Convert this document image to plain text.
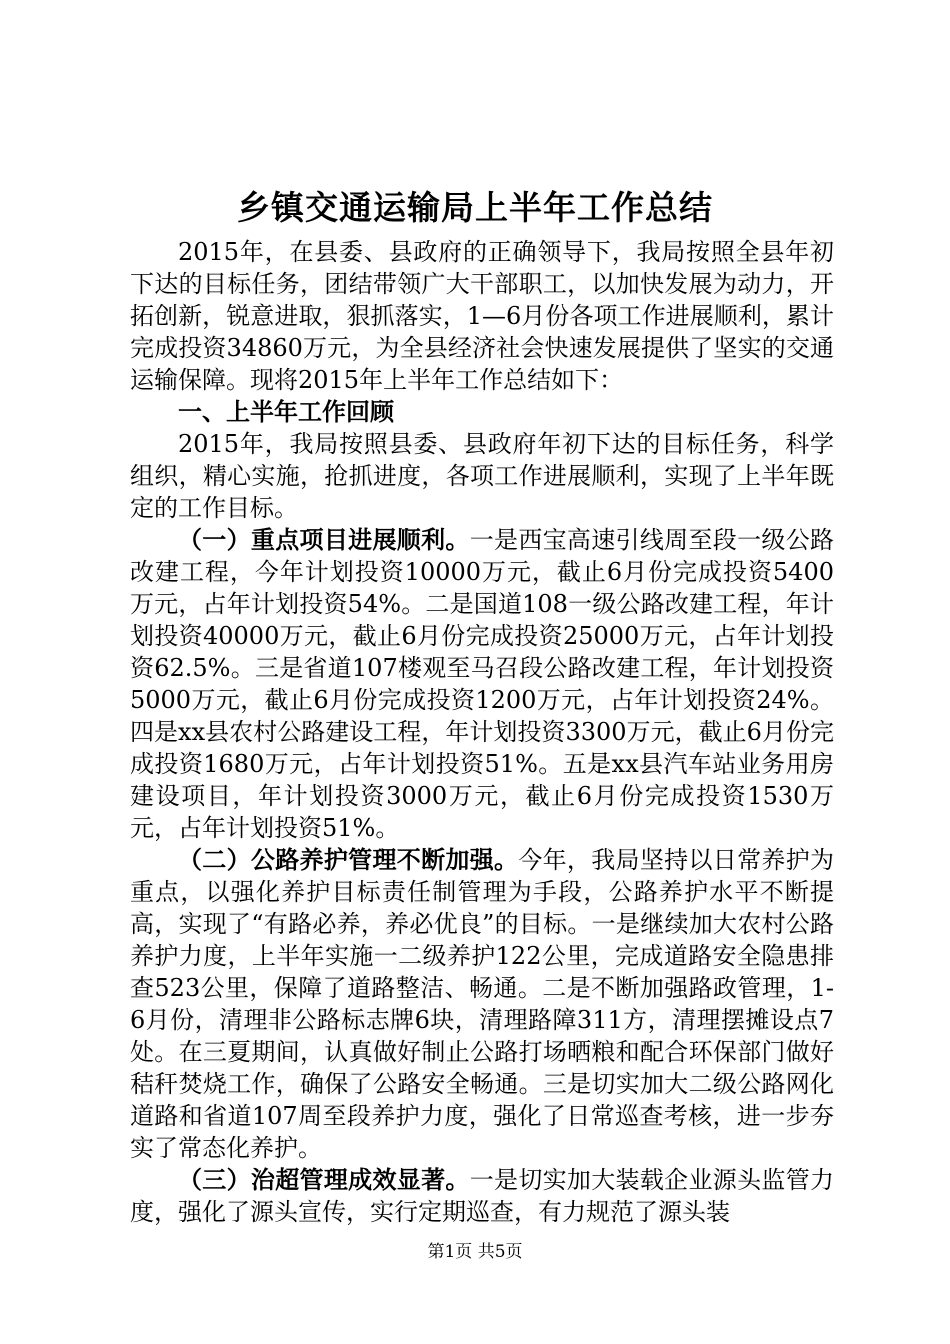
乡镇交通运输局上半年工作总结

2015年，在县委、县政府的正确领导下，我局按照全县年初下达的目标任务，团结带领广大干部职工，以加快发展为动力，开拓创新，锐意进取，狠抓落实，1—6月份各项工作进展顺利，累计完成投资34860万元，为全县经济社会快速发展提供了坚实的交通运输保障。现将2015年上半年工作总结如下：

一、上半年工作回顾

2015年，我局按照县委、县政府年初下达的目标任务，科学组织，精心实施，抢抓进度，各项工作进展顺利，实现了上半年既定的工作目标。

（一）重点项目进展顺利。一是西宝高速引线周至段一级公路改建工程，今年计划投资10000万元，截止6月份完成投资5400万元，占年计划投资54%。二是国道108一级公路改建工程，年计划投资40000万元，截止6月份完成投资25000万元，占年计划投资62.5%。三是省道107楼观至马召段公路改建工程，年计划投资5000万元，截止6月份完成投资1200万元，占年计划投资24%。四是xx县农村公路建设工程，年计划投资3300万元，截止6月份完成投资1680万元，占年计划投资51%。五是xx县汽车站业务用房建设项目，年计划投资3000万元，截止6月份完成投资1530万元，占年计划投资51%。

（二）公路养护管理不断加强。今年，我局坚持以日常养护为重点，以强化养护目标责任制管理为手段，公路养护水平不断提高，实现了“有路必养，养必优良”的目标。一是继续加大农村公路养护力度，上半年实施一二级养护122公里，完成道路安全隐患排查523公里，保障了道路整洁、畅通。二是不断加强路政管理，1-6月份，清理非公路标志牌6块，清理路障311方，清理摆摊设点7处。在三夏期间，认真做好制止公路打场晒粮和配合环保部门做好秸秆焚烧工作，确保了公路安全畅通。三是切实加大二级公路网化道路和省道107周至段养护力度，强化了日常巡查考核，进一步夯实了常态化养护。

（三）治超管理成效显著。一是切实加大装载企业源头监管力度，强化了源头宣传，实行定期巡查，有力规范了源头装

第1页 共5页
